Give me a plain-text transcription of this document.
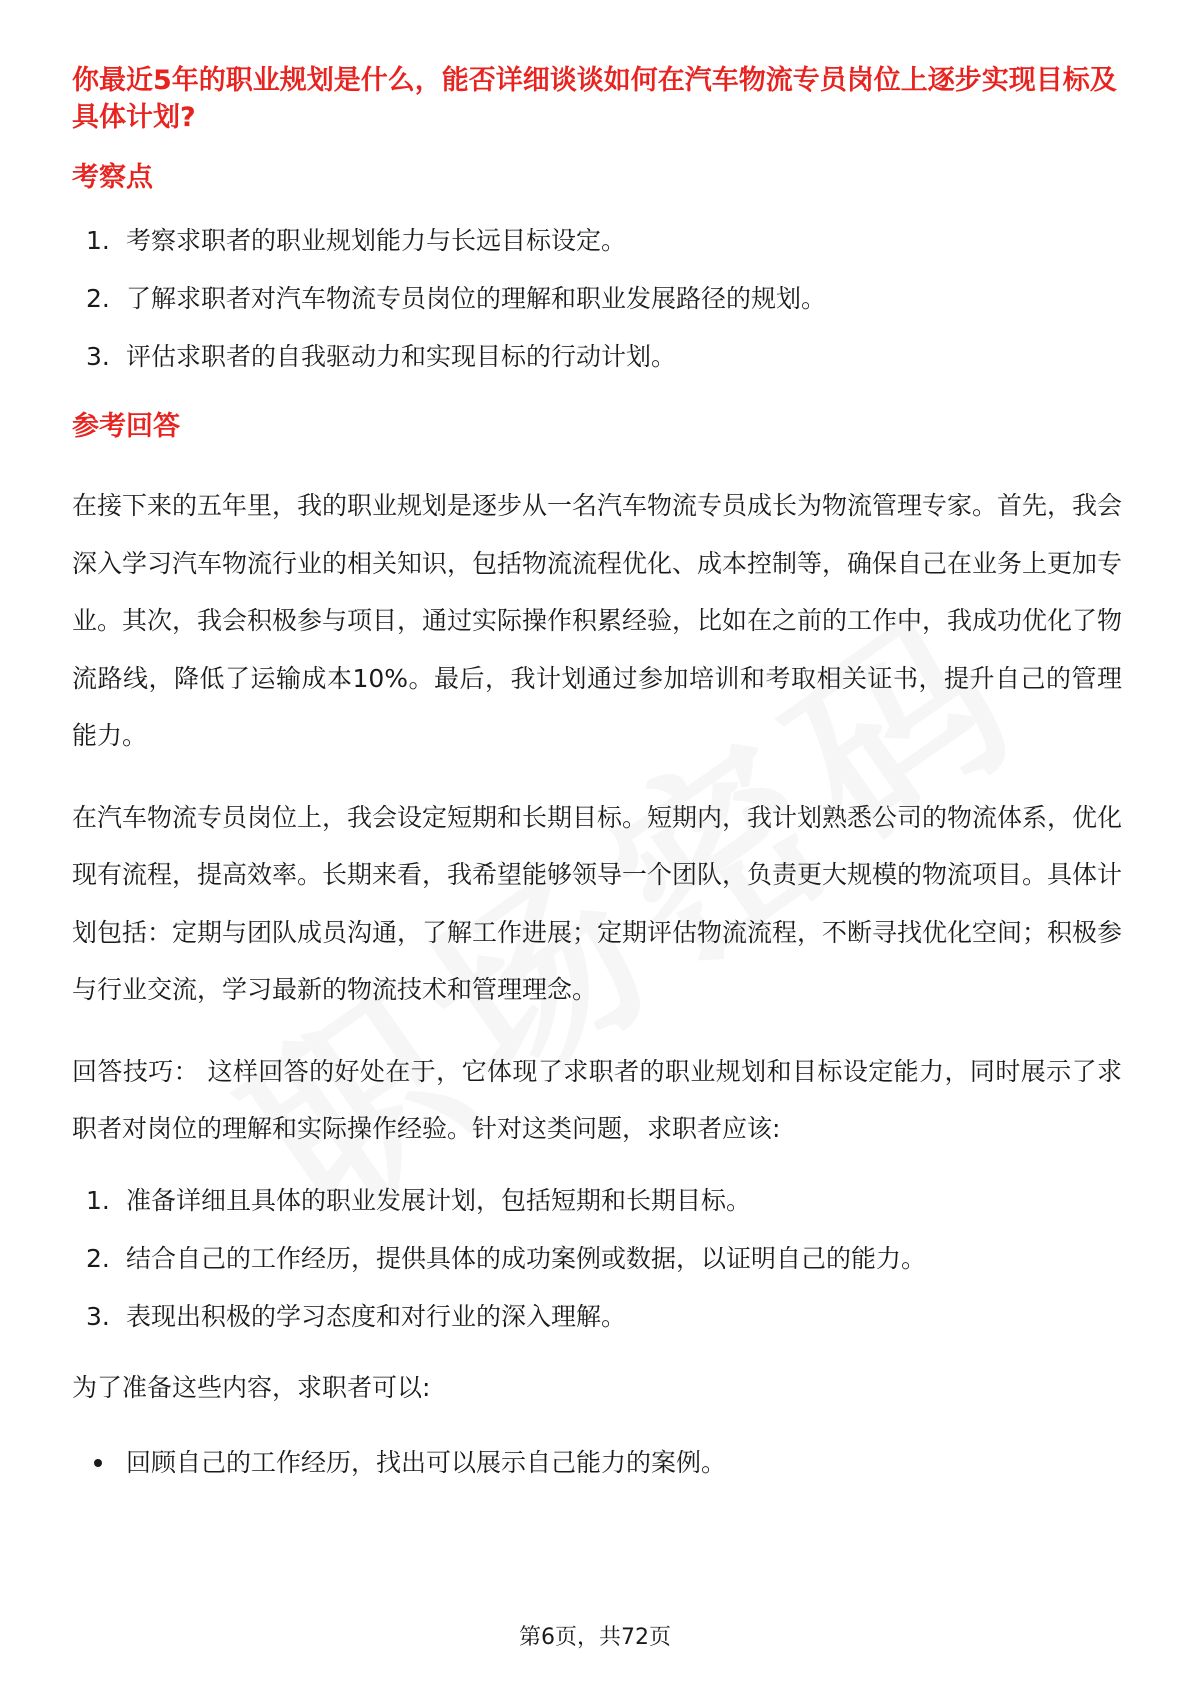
你最近5年的职业规划是什么，能否详细谈谈如何在汽车物流专员岗位上逐步实现目标及具体计划?
考察点
1. 考察求职者的职业规划能力与长远目标设定。
2. 了解求职者对汽车物流专员岗位的理解和职业发展路径的规划。
3. 评估求职者的自我驱动力和实现目标的行动计划。
参考回答

在接下来的五年里，我的职业规划是逐步从一名汽车物流专员成长为物流管理专家。首先，我会深入学习汽车物流行业的相关知识，包括物流流程优化、成本控制等，确保自己在业务上更加专业。其次，我会积极参与项目，通过实际操作积累经验，比如在之前的工作中，我成功优化了物流路线，降低了运输成本10%。最后，我计划通过参加培训和考取相关证书，提升自己的管理能力。

在汽车物流专员岗位上，我会设定短期和长期目标。短期内，我计划熟悉公司的物流体系，优化现有流程，提高效率。长期来看，我希望能够领导一个团队，负责更大规模的物流项目。具体计划包括：定期与团队成员沟通，了解工作进展；定期评估物流流程，不断寻找优化空间；积极参与行业交流，学习最新的物流技术和管理理念。

回答技巧： 这样回答的好处在于，它体现了求职者的职业规划和目标设定能力，同时展示了求职者对岗位的理解和实际操作经验。针对这类问题，求职者应该:

1. 准备详细且具体的职业发展计划，包括短期和长期目标。
2. 结合自己的工作经历，提供具体的成功案例或数据，以证明自己的能力。
3. 表现出积极的学习态度和对行业的深入理解。

为了准备这些内容，求职者可以:

回顾自己的工作经历，找出可以展示自己能力的案例。
第6页，共72页
